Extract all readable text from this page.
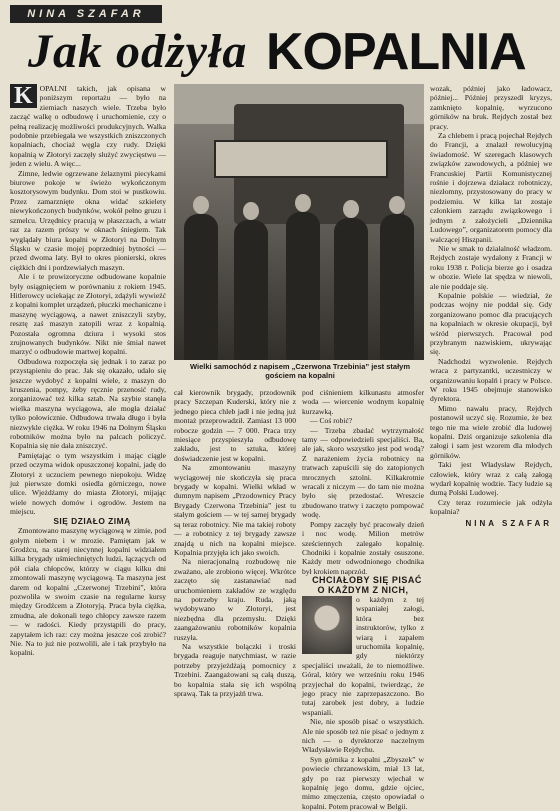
NINA SZAFAR
Jak odżyła KOPALNIA

K OPALNI takich, jak opisana w poniższym reportażu — było na ziemiach naszych wiele. Trzeba było zacząć walkę o odbudowę i uruchomienie, czy o pełną realizację możliwości produkcyjnych. Walka podobnie przebiegała we wszystkich zniszczonych kopalniach, chociaż węgla czy rudy. Dzięki kopalnią w Złotoryi zaczęły służyć zwycięstwu — jeden z wielu. A więc...

Zimne, ledwie ogrzewane żelaznymi piecykami biurowe pokoje w świeżo wykończonym kosztorysowym budynku. Dom stoi w pustkowiu. Przez zamarznięte okna widać szkielety niewykończonych budynków, wokół pełno gruzu i szmelcu. Urzędnicy pracują w płaszczach, a wiatr raz za razem prószy w oknach śniegiem. Tak wyglądały biura kopalni w Złotoryi na Dolnym Śląsku w czasie mojej poprzedniej bytności — przed dwoma laty. Był to okres pionierski, okres ciężkich dni i pordzewiałych maszyn.

Ale i te prowizoryczne odbudowane kopalnie były osiągnięciem w porównaniu z rokiem 1945. Hitlerowcy uciekając ze Złotoryi, zdążyli wywieźć z kopalni komplet urządzeń, płuczki mechaniczne i maszynę wyciągową, a nawet zniszczyli szyby, resztę zaś maszyn zatopili wraz z kopalnią. Pozostała ogromna dziura i wysoki stos zrujnowanych budynków. Nikt nie śmiał nawet marzyć o odbudowie martwej kopalni.

Odbudowa rozpoczęła się jednak i to zaraz po przystąpieniu do prac. Jak się okazało, udało się jeszcze wydobyć z kopalni wiele, z maszyn do kruszenia, pompy, żeby ręcznie przenosić rudy, zorganizować też kilka sztab. Na szybie stanęła wielka maszyna wyciągowa, ale mogła działać tylko połowicznie. Odbudowa trwała długo i była niezwykle ciężka. W roku 1946 na Dolnym Śląsku robotników można było na palcach policzyć. Kopalnia się nie dała zniszczyć.

Pamiętając o tym wszystkim i mając ciągle przed oczyma widok opuszczonej kopalni, jadę do Złotoryi z uczuciem pewnego niepokoju. Widzę już pierwsze domki osiedla górniczego, nowe ulice. Wjeżdżamy do miasta Złotoryi, mijając wiele nowych domów i ogrodów. Jestem na miejscu.

SIĘ DZIAŁO ZIMĄ

Zmontowano maszynę wyciągową w zimie, pod gołym niebem i w mrozie. Pamiętam jak w Grodźcu, na starej niecynnej kopalni widziałem kilka brygady uśmiechniętych ludzi, łączących od pół ciała chłopców, którzy w ciągu kilku dni zmontowali maszynę wyciągową. Ta maszyna jest darem od kopalni „Czerwonej Trzebini”, która pozwoliła w swoim czasie na regularne kursy między Grodźcem a Złotoryją. Praca była ciężka, zmudna, ale dokonali tego chłopcy zawsze razem — w radości. Kiedy przystąpili do pracy, zapytałem ich raz: czy można jeszcze coś zrobić? Nie. Na to już nie pozwolili, ale i tak przybyło na kopalni.

Wielki samochód z napisem „Czerwona Trzebinia” jest stałym gościem na kopalni

cał kierownik brygady, przodownik pracy Szczepan Kuderski, który nie z jednego pieca chleb jadł i nie jedną już montaż przeprowadził. Zamiast 13 000 robocze godzin — 7 000. Praca trzy miesiące przyspieszyła odbudowę zakładu, jest to sztuka, której doświadczenie jest w kopalni.

Na zmontowaniu maszyny wyciągowej nie skończyła się praca brygady w kopalni. Wielki wkład w dumnym napisem „Przodownicy Pracy Brygady Czerwona Trzebinia” jest tu stałym gościem — w tej samej brygady są teraz robotnicy. Nie ma takiej roboty — a robotnicy z tej brygady zawsze znajdą u nich na kopalni miejsce. Kopalnia przyjęła ich jako swoich.

Na nieracjonalną rozbudowę nie zważano, ale zrobiono więcej. Wkrótce zaczęto się zastanawiać nad uruchomieniem zakładów ze względu na potrzeby kraju. Ruda, jaką wydobywano w Złotoryi, jest niezbędna dla przemysłu. Dzięki zaangażowaniu robotników kopalnia ruszyła.

Na wszystkie bolączki i troski brygada reaguje natychmiast, w razie potrzeby przyjeżdżają pomocnicy z Trzebini. Zaangażowani są całą duszą, bo kopalnia stała się ich wspólną sprawą. Tak ta przyjaźń trwa.

pod ciśnieniem kilkunastu atmosfer woda — wiercenie wodnym kopalnię kurzawką.

— Coś robić?

— Trzeba zbadać wytrzymałość tamy — odpowiedzieli specjaliści. Ba, ale jak, skoro wszystko jest pod wodą? Z narażeniem życia robotnicy na tratwach zapuścili się do zatopionych mrocznych sztolni. Kilkakrotnie wracali z niczym — do tam nie można było się przedostać. Wreszcie zbudowano tratwy i zaczęto pompować wodę.

Pompy zaczęły być pracowały dzień i noc wodę. Milion metrów sześciennych zalegało kopalnię. Chodniki i kopalnie zostały osuszone. Każdy metr odwodnionego chodnika był krokiem naprzód.

CHCIAŁOBY SIĘ PISAĆ O KAŻDYM Z NICH,

o każdym z tej wspaniałej załogi, która bez instruktorów, tylko z wiarą i zapałem uruchomiła kopalnię, gdy niektórzy specjaliści uważali, że to niemożliwe. Góral, który we wrześniu roku 1946 przyjechał do kopalni, twierdząc, że jego pracy nie zaprzepaszczono. Bo tutaj zarobek jest dobry, a ludzie wspaniali.

Nie, nie sposób pisać o wszystkich. Ale nie sposób też nie pisać o jednym z nich — o dyrektorze naczelnym Władysławie Rejdychu.

Syn górnika z kopalni „Zbyszek” w powiecie chrzanowskim, miał 13 lat, gdy po raz pierwszy wjechał w kopalnię jego domu, gdzie ojciec, mimo zmęczenia, często opowiadał o kopalni. Potem pracował w Belgii.

wozak, później jako ładowacz, później... Później przyszedł kryzys, zamknięto kopalnię, wyrzucono górników na bruk. Rejdych został bez pracy.

Za chlebem i pracą pojechał Rejdych do Francji, a znalazł rewolucyjną świadomość. W szeregach klasowych związków zawodowych, a później we Francuskiej Partii Komunistycznej rośnie i dojrzewa działacz robotniczy, niezłomny, przystosowany do pracy w podziemiu. W kilka lat zostaje członkiem zarządu związkowego i jednym z założycieli „Dziennika Ludowego”, organizatorem pomocy dla walczącej Hiszpanii.

Nie w smak to działalność władzom. Rejdych zostaje wydalony z Francji w roku 1938 r. Policja bierze go i osadza w obozie. Wiele lat spędza w niewoli, ale nie poddaje się.

Kopalnie polskie — wiedział, że podczas wojny nie poddał się. Gdy zorganizowano pomoc dla pracujących na kopalniach w okresie okupacji, był wśród pierwszych. Pracował pod przybranym nazwiskiem, ukrywając się.

Nadchodzi wyzwolenie. Rejdych wraca z partyzantki, uczestniczy w organizowaniu kopalń i pracy w Polsce. W roku 1945 obejmuje stanowisko dyrektora.

Mimo nawału pracy, Rejdych postanowił uczyć się. Rozumie, że bez tego nie ma wiele zrobić dla ludowej kopalni. Dziś organizuje szkolenia dla załogi i sam jest wzorem dla młodych górników.

Taki jest Władysław Rejdych, człowiek, który wraz z całą załogą wydarł kopalnię wodzie. Tacy ludzie są dumą Polski Ludowej.

Czy teraz rozumiecie jak odżyła kopalnia?

NINA SZAFAR
